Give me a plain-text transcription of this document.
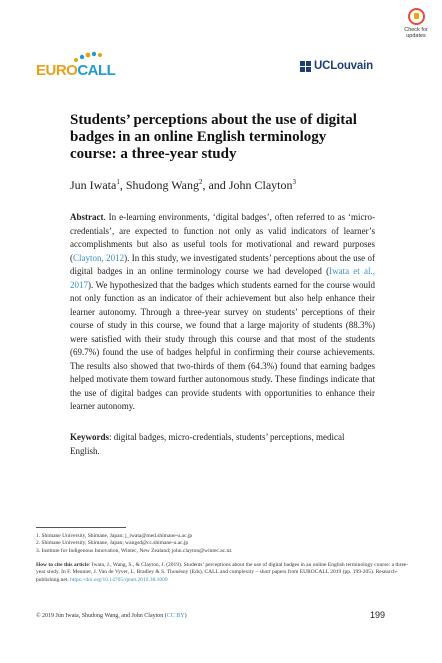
EUROCALL	UCLouvain
Check for updates
Students’ perceptions about the use of digital badges in an online English terminology course: a three-year study
Jun Iwata$^1$, Shudong Wang$^2$, and John Clayton$^3$
Abstract. In e-learning environments, ‘digital badges’, often referred to as ‘micro-credentials’, are expected to function not only as valid indicators of learner’s accomplishments but also as useful tools for motivational and reward purposes (Clayton, 2012). In this study, we investigated students’ perceptions about the use of digital badges in an online terminology course we had developed (Iwata et al., 2017). We hypothesized that the badges which students earned for the course would not only function as an indicator of their achievement but also help enhance their learner autonomy. Through a three-year survey on students’ perceptions of their course of study in this course, we found that a large majority of students (88.3%) were satisfied with their study through this course and that most of the students (69.7%) found the use of badges helpful in confirming their course achievements. The results also showed that two-thirds of them (64.3%) found that earning badges helped motivate them toward further autonomous study. These findings indicate that the use of digital badges can provide students with opportunities to enhance their learner autonomy.
Keywords: digital badges, micro-credentials, students’ perceptions, medical English.
1. Shimane University, Shimane, Japan; j_iwata@med.shimane-u.ac.jp
2. Shimane University, Shimane, Japan; wangsd@cc.shimane-u.ac.jp
3. Institute for Indigenous Innovation, Wintec, New Zealand; john.clayton@wintec.ac.nz
How to cite this article: Iwata, J., Wang, S., & Clayton, J. (2019). Students’ perceptions about the use of digital badges in an online English terminology course: a three-year study. In F. Meunier, J. Van de Vyver, L. Bradley & S. Thouësny (Eds), CALL and complexity – short papers from EUROCALL 2019 (pp. 199-205). Research-publishing.net. https://doi.org/10.14705/rpnet.2019.38.1009
© 2019 Jun Iwata, Shudong Wang, and John Clayton (CC BY)	199
